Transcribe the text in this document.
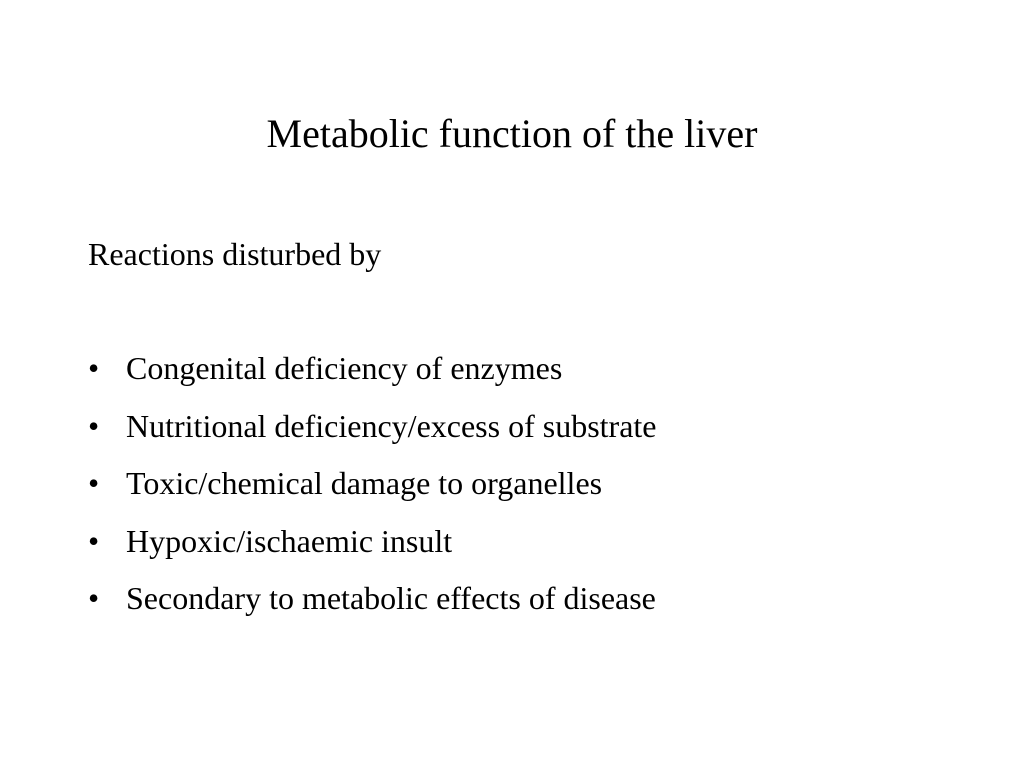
Metabolic function of the liver

Reactions disturbed by

• Congenital deficiency of enzymes
• Nutritional deficiency/excess of substrate
• Toxic/chemical damage to organelles
• Hypoxic/ischaemic insult
• Secondary to metabolic effects of disease
